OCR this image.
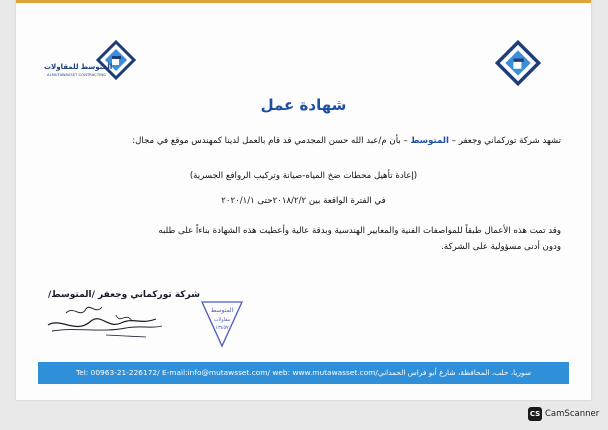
المتوسط للمقاولات
ALMUTAWASSET CONTRACTING
شهادة عمل
تشهد شركة توركماني وجعفر – المتوسط – بأن م/عبد الله حسن المجدمي قد قام بالعمل لدينا كمهندس موقع في مجال:
(إعادة تأهيل محطات ضخ المياه-صيانة وتركيب الروافع الجسرية)
في الفترة الواقعة بين ٢٠١٨/٢/٢حتى ٢٠٢٠/١/١
وقد تمت هذه الأعمال طبقاً للمواصفات الفنية والمعايير الهندسية وبدقة عالية وأعطيت هذه الشهادة بناءاً على طلبه
ودون أدنى مسؤولية على الشركة.
شركة توركماني وجعفر /المتوسط/
المتوسط
مقاولات
١٣٤٥٧
Tel: 00963-21-226172/ E-mail:info@mutawsset.com/ web: www.mutawasset.com/سوريا، حلب، المحافظة، شارع أبو فراس الحمداني
CS CamScanner
